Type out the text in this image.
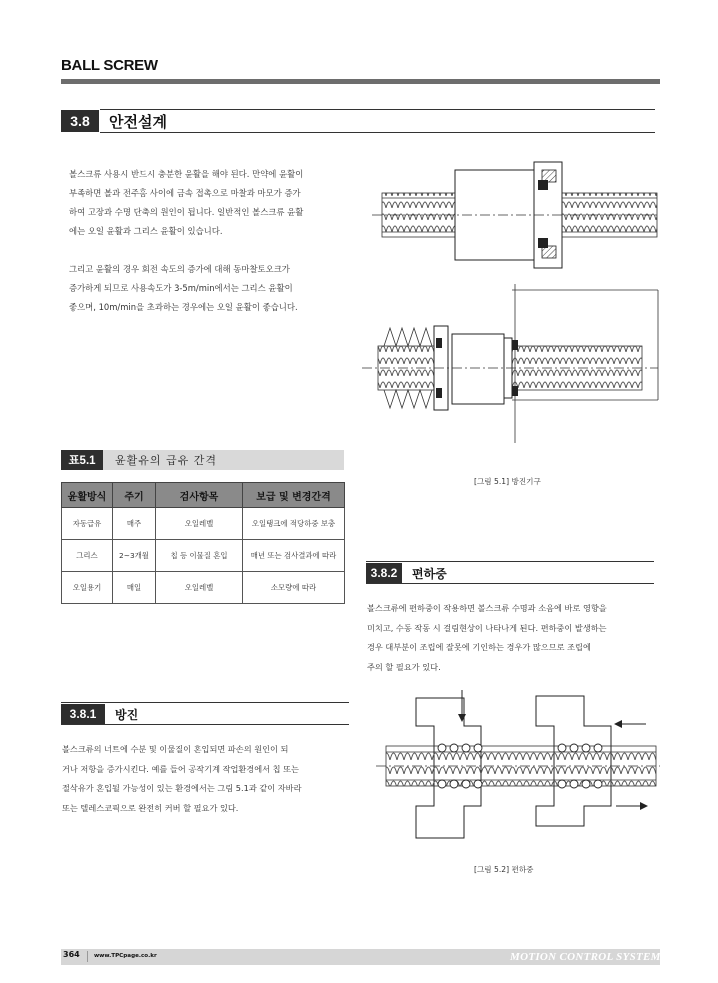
BALL SCREW
3.8	안전설계
볼스크류 사용시 반드시 충분한 윤활을 해야 된다. 만약에 윤활이
부족하면 볼과 전주홈 사이에 금속 접촉으로 마찰과 마모가 증가
하여 고장과 수명 단축의 원인이 됩니다. 일반적인 볼스크류 윤활
에는 오일 윤활과 그리스 윤활이 있습니다.
그리고 윤활의 경우 회전 속도의 증가에 대해 동마찰토오크가
증가하게 되므로 사용속도가 3-5m/min에서는 그리스 윤활이
좋으며, 10m/min을 초과하는 경우에는 오일 윤활이 좋습니다.
표5.1	윤활유의 급유 간격
윤활방식	주기	검사항목	보급 및 변경간격
자동급유	매주	오일레벨	오일탱크에 적당하중 보충
그리스	2~3개월	칩 등 이물질 혼입	매년 또는 검사결과에 따라
오일용기	매일	오일레벨	소모량에 따라
[그림 5.1] 방진기구
3.8.2	편하중
볼스크류에 편하중이 작용하면 볼스크류 수명과 소음에 바로 영향을
미치고, 수동 작동 시 걸림현상이 나타나게 된다. 편하중이 발생하는
경우 대부분이 조립에 잘못에 기인하는 경우가 많으므로 조립에
주의 할 필요가 있다.
3.8.1	방진
볼스크류의 너트에 수분 및 이물질이 혼입되면 파손의 원인이 되
거나 저항을 증가시킨다. 예를 들어 공작기계 작업환경에서 칩 또는
절삭유가 혼입될 가능성이 있는 환경에서는 그림 5.1과 같이 자바라
또는 텔레스코픽으로 완전히 커버 할 필요가 있다.
[그림 5.2] 편하중
364	www.TPCpage.co.kr	MOTION CONTROL SYSTEM
